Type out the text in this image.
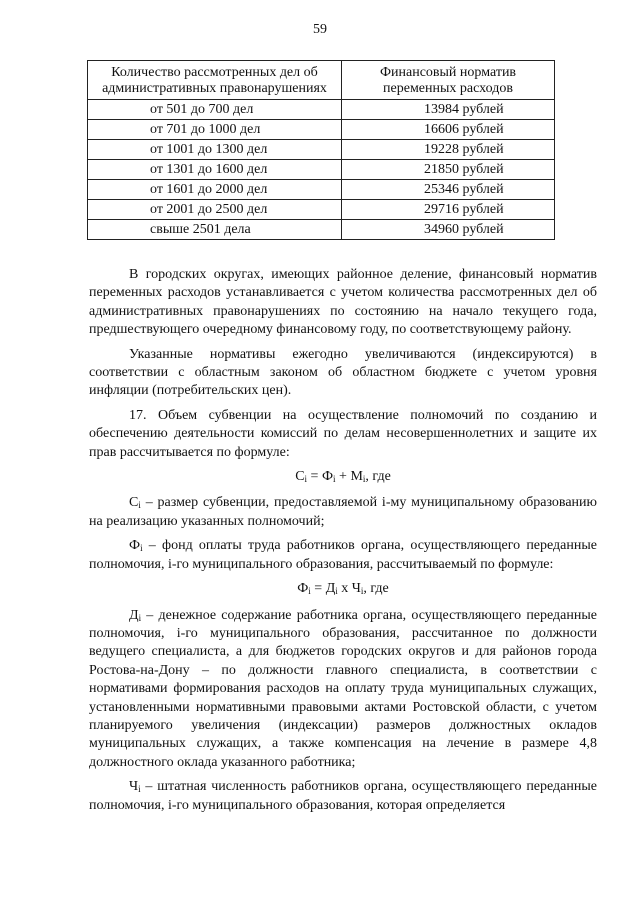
59
Количество рассмотренных дел об административных правонарушениях	Финансовый норматив переменных расходов
от 501 до 700 дел	13984 рублей
от 701 до 1000 дел	16606 рублей
от 1001 до 1300 дел	19228 рублей
от 1301 до 1600 дел	21850 рублей
от 1601 до 2000 дел	25346 рублей
от 2001 до 2500 дел	29716 рублей
свыше 2501 дела	34960 рублей

В городских округах, имеющих районное деление, финансовый норматив переменных расходов устанавливается с учетом количества рассмотренных дел об административных правонарушениях по состоянию на начало текущего года, предшествующего очередному финансовому году, по соответствующему району.

Указанные нормативы ежегодно увеличиваются (индексируются) в соответствии с областным законом об областном бюджете с учетом уровня инфляции (потребительских цен).

17. Объем субвенции на осуществление полномочий по созданию и обеспечению деятельности комиссий по делам несовершеннолетних и защите их прав рассчитывается по формуле:

$C_i = Ф_i + М_i$, где

$C_i$ – размер субвенции, предоставляемой i-му муниципальному образованию на реализацию указанных полномочий;

$Ф_i$ – фонд оплаты труда работников органа, осуществляющего переданные полномочия, i-го муниципального образования, рассчитываемый по формуле:

$Ф_i = Д_i$ x $Ч_i$, где

$Д_i$ – денежное содержание работника органа, осуществляющего переданные полномочия, i-го муниципального образования, рассчитанное по должности ведущего специалиста, а для бюджетов городских округов и для районов города Ростова-на-Дону – по должности главного специалиста, в соответствии с нормативами формирования расходов на оплату труда муниципальных служащих, установленными нормативными правовыми актами Ростовской области, с учетом планируемого увеличения (индексации) размеров должностных окладов муниципальных служащих, а также компенсация на лечение в размере 4,8 должностного оклада указанного работника;

$Ч_i$ – штатная численность работников органа, осуществляющего переданные полномочия, i-го муниципального образования, которая определяется
